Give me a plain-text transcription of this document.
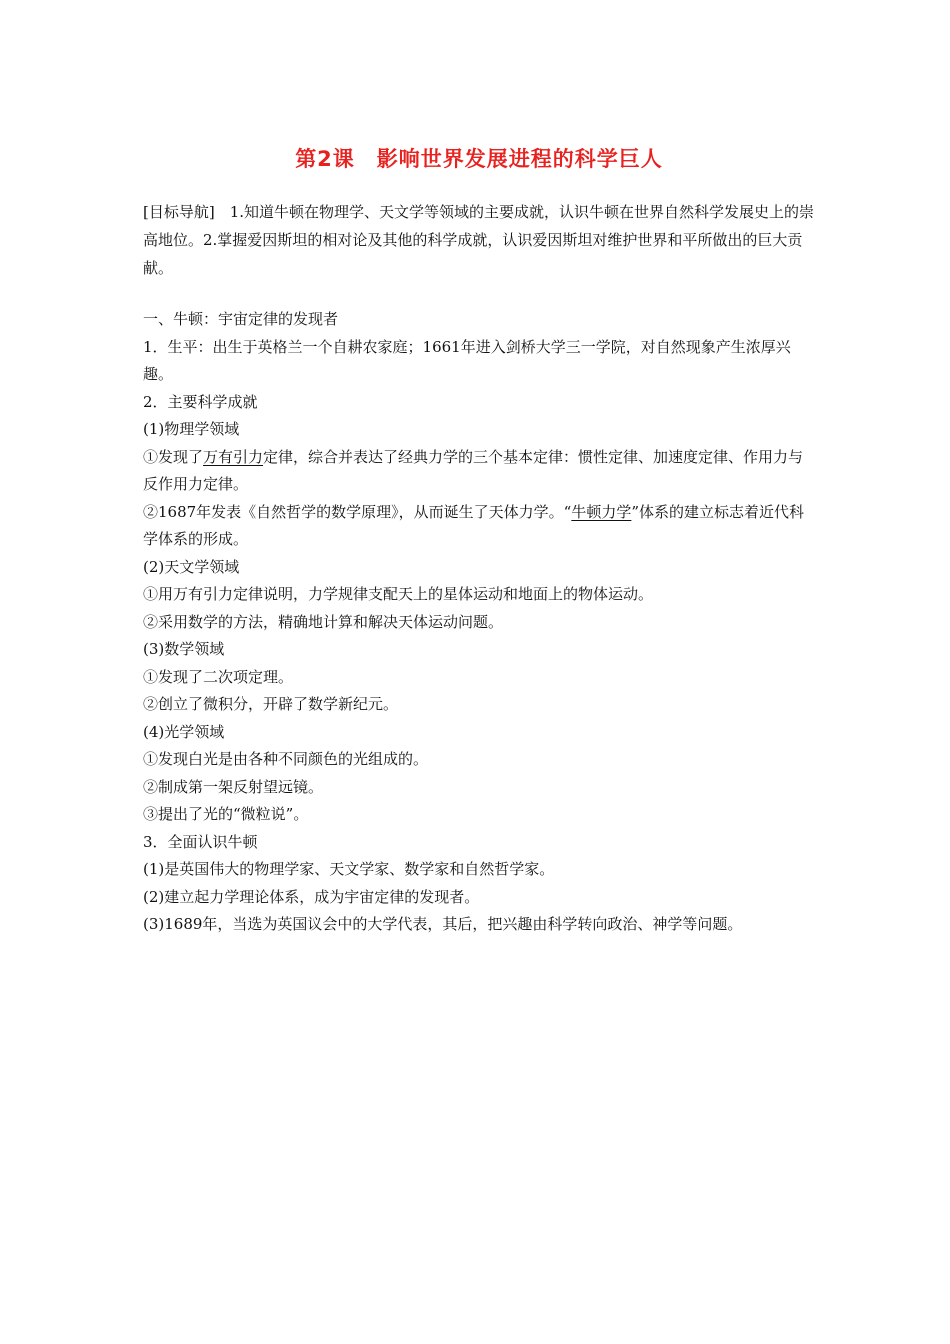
第2课　影响世界发展进程的科学巨人

[目标导航]　1.知道牛顿在物理学、天文学等领域的主要成就，认识牛顿在世界自然科学发展史上的崇高地位。2.掌握爱因斯坦的相对论及其他的科学成就，认识爱因斯坦对维护世界和平所做出的巨大贡献。

一、牛顿：宇宙定律的发现者

1．生平：出生于英格兰一个自耕农家庭；1661年进入剑桥大学三一学院，对自然现象产生浓厚兴趣。

2．主要科学成就

(1)物理学领域

①发现了万有引力定律，综合并表达了经典力学的三个基本定律：惯性定律、加速度定律、作用力与反作用力定律。

②1687年发表《自然哲学的数学原理》，从而诞生了天体力学。“牛顿力学”体系的建立标志着近代科学体系的形成。

(2)天文学领域

①用万有引力定律说明，力学规律支配天上的星体运动和地面上的物体运动。

②采用数学的方法，精确地计算和解决天体运动问题。

(3)数学领域

①发现了二次项定理。

②创立了微积分，开辟了数学新纪元。

(4)光学领域

①发现白光是由各种不同颜色的光组成的。

②制成第一架反射望远镜。

③提出了光的“微粒说”。

3．全面认识牛顿

(1)是英国伟大的物理学家、天文学家、数学家和自然哲学家。

(2)建立起力学理论体系，成为宇宙定律的发现者。

(3)1689年，当选为英国议会中的大学代表，其后，把兴趣由科学转向政治、神学等问题。
